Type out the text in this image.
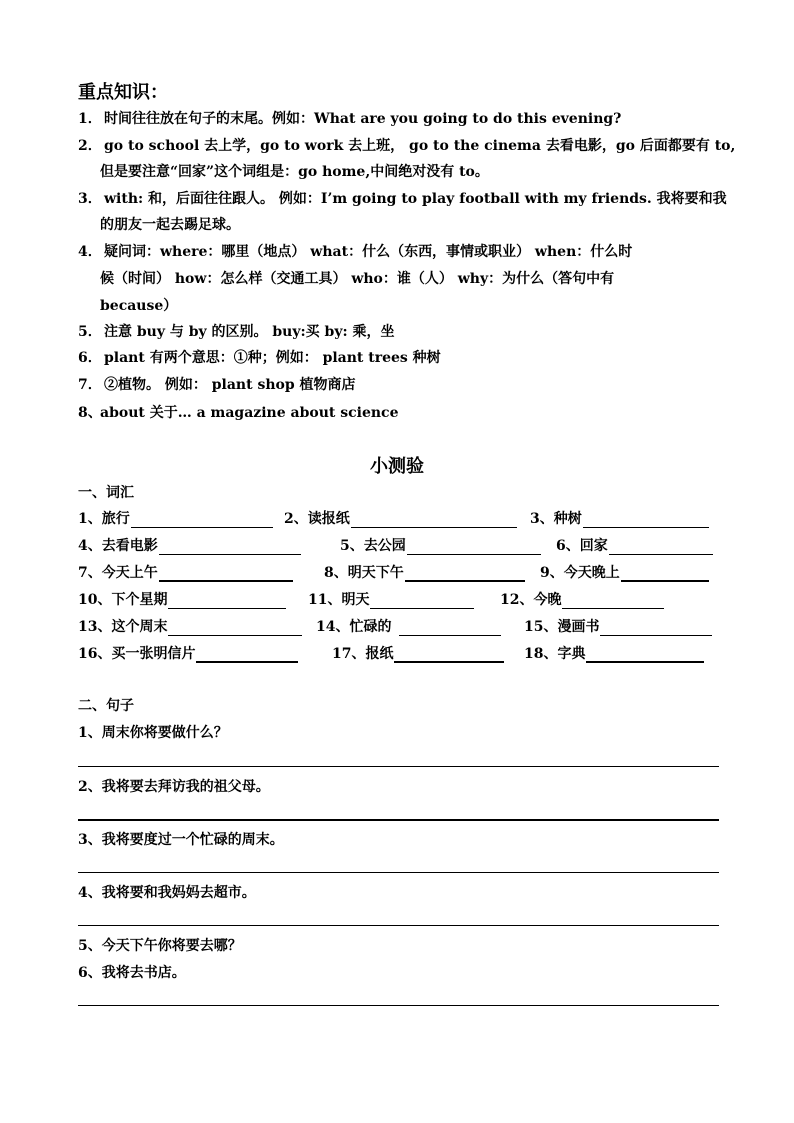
重点知识：
1． 时间往往放在句子的末尾。例如：What are you going to do this evening?
2． go to school 去上学，go to work 去上班， go to the cinema 去看电影，go 后面都要有 to,
但是要注意“回家”这个词组是：go home,中间绝对没有 to。
3． with: 和，后面往往跟人。 例如：I’m going to play football with my friends. 我将要和我
的朋友一起去踢足球。
4． 疑问词：where：哪里（地点） what：什么（东西，事情或职业） when：什么时
候（时间） how：怎么样（交通工具） who：谁（人） why：为什么（答句中有
because）
5． 注意 buy 与 by 的区别。 buy:买 by: 乘，坐
6． plant 有两个意思：①种；例如： plant trees 种树
7． ②植物。 例如： plant shop 植物商店
8、
about 关于… a magazine about science
小测验
一、词汇
1、旅行	2、读报纸	3、种树
4、去看电影	5、去公园	6、回家
7、今天上午	8、明天下午	9、今天晚上
10、下个星期	11、明天	12、今晚
13、这个周末	14、忙碌的	15、漫画书
16、买一张明信片	17、报纸	18、字典
二、句子
1、周末你将要做什么？
2、我将要去拜访我的祖父母。
3、我将要度过一个忙碌的周末。
4、我将要和我妈妈去超市。
5、今天下午你将要去哪？
6、我将去书店。
